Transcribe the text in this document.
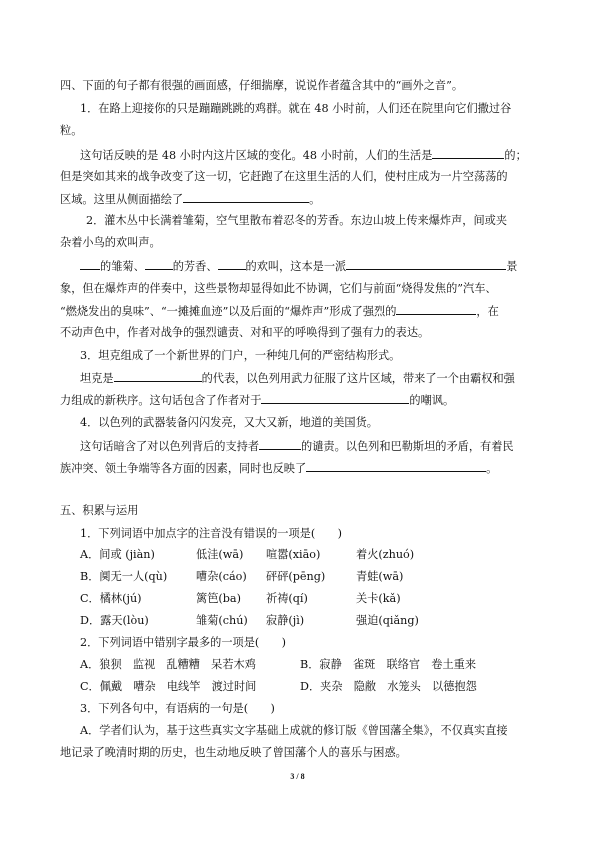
四、下面的句子都有很强的画面感，仔细揣摩，说说作者蕴含其中的“画外之音”。
1．在路上迎接你的只是蹦蹦跳跳的鸡群。就在 48 小时前，人们还在院里向它们撒过谷
粒。
这句话反映的是 48 小时内这片区域的变化。48 小时前，人们的生活是	的；
但是突如其来的战争改变了这一切，它赶跑了在这里生活的人们，使村庄成为一片空荡荡的
区域。这里从侧面描绘了	。
2．灌木丛中长满着雏菊，空气里散布着忍冬的芳香。东边山坡上传来爆炸声，间或夹
杂着小鸟的欢叫声。
的雏菊、	的芳香、	的欢叫，这本是一派	景
象，但在爆炸声的伴奏中，这些景物却显得如此不协调，它们与前面“烧得发焦的”汽车、
“燃烧发出的臭味”、“一摊摊血迹”以及后面的“爆炸声”形成了强烈的	，在
不动声色中，作者对战争的强烈谴责、对和平的呼唤得到了强有力的表达。
3．坦克组成了一个新世界的门户，一种纯几何的严密结构形式。
坦克是	的代表，以色列用武力征服了这片区域，带来了一个由霸权和强
力组成的新秩序。这句话包含了作者对于	的嘲讽。
4．以色列的武器装备闪闪发亮，又大又新，地道的美国货。
这句话暗含了对以色列背后的支持者	的谴责。以色列和巴勒斯坦的矛盾，有着民
族冲突、领土争端等各方面的因素，同时也反映了	。
五、积累与运用
1．下列词语中加点字的注音没有错误的一项是(　　)
A．间或 (jiàn)	低洼(wā) 喧嚣(xiāo)	着火(zhuó)
B．阒无一人(qù)	嘈杂(cáo) 砰砰(pēng)	青蛙(wā)
C．橘林(jú)	篱笆(ba) 祈祷(qí)	关卡(kǎ)
D．露天(lòu)	雏菊(chú) 寂静(jì)	强迫(qiǎng)
2．下列词语中错别字最多的一项是(　　)
A．狼狈　监视　乱糟糟　呆若木鸡	B．寂静　雀斑　联络官　卷土重来
C．佩戴　嘈杂　电线竿　渡过时间	D．夹杂　隐敝　水笼头　以德抱怨
3．下列各句中，有语病的一句是(　　)
A．学者们认为，基于这些真实文字基础上成就的修订版《曾国藩全集》，不仅真实直接
地记录了晚清时期的历史，也生动地反映了曾国藩个人的喜乐与困惑。
3 / 8
